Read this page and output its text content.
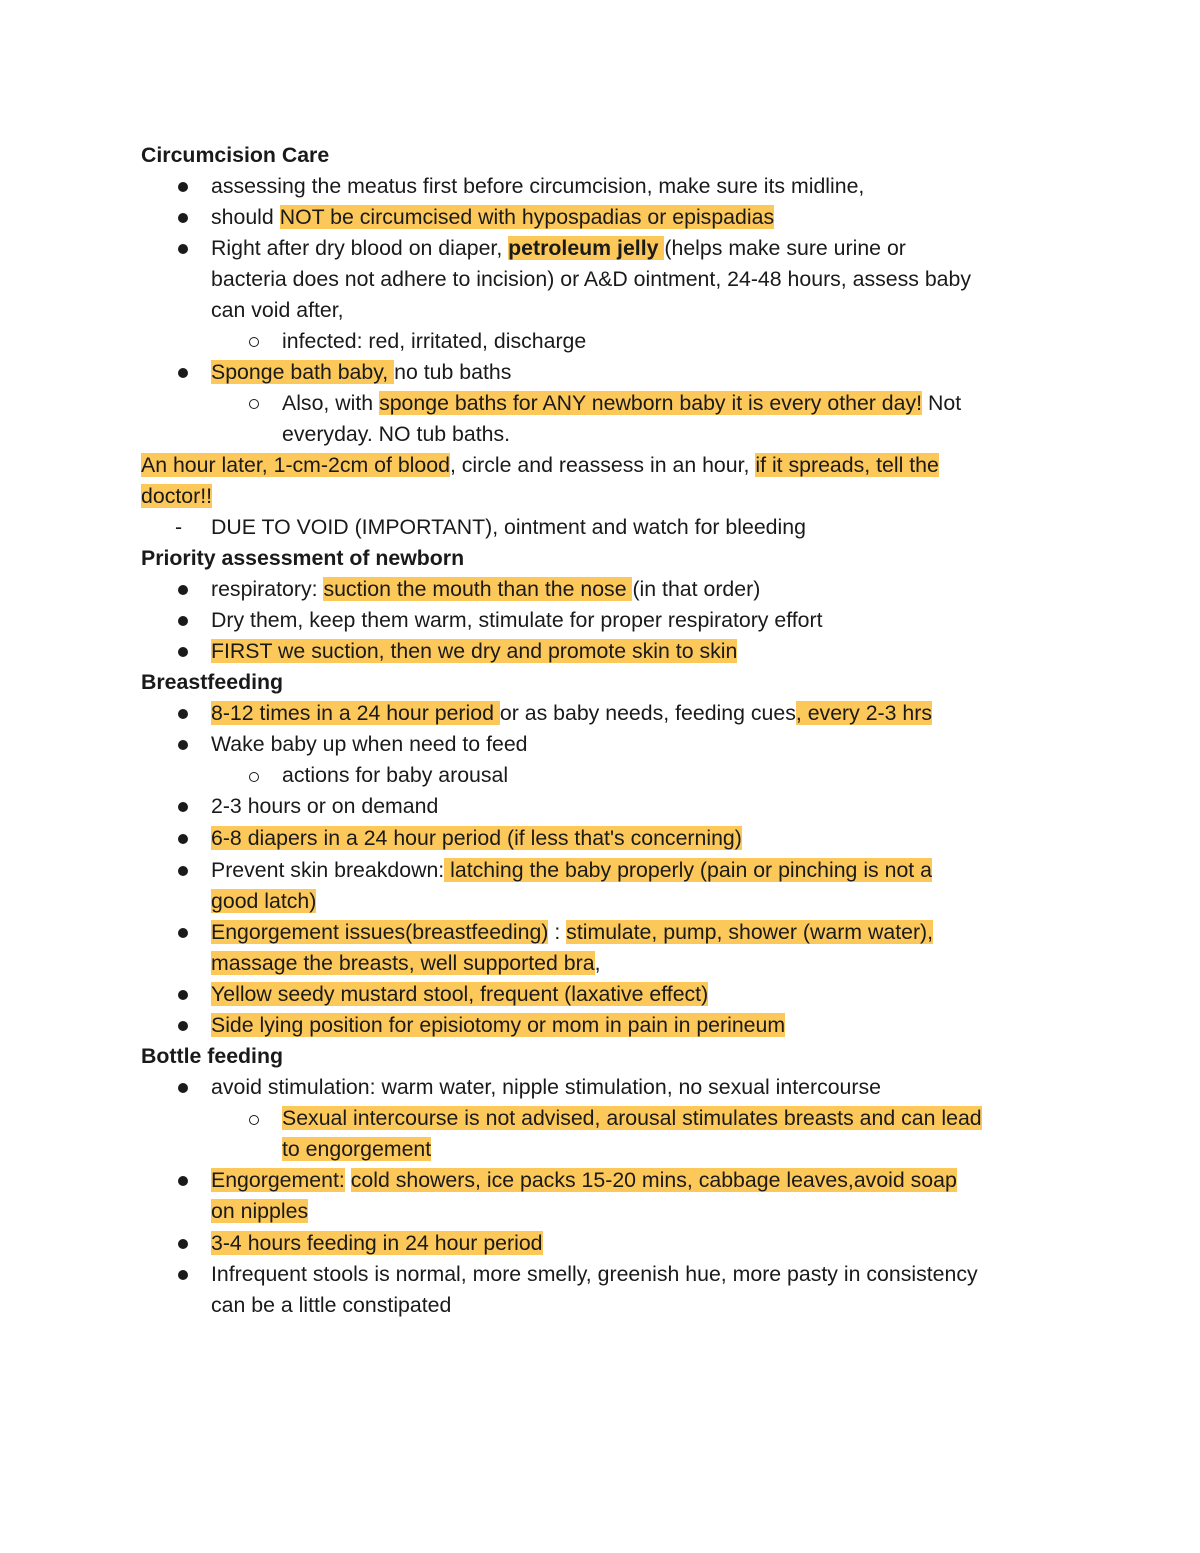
Circumcision Care
assessing the meatus first before circumcision, make sure its midline,
should NOT be circumcised with hypospadias or epispadias
Right after dry blood on diaper, petroleum jelly (helps make sure urine or
bacteria does not adhere to incision) or A&D ointment, 24-48 hours, assess baby
can void after,
infected: red, irritated, discharge
Sponge bath baby, no tub baths
Also, with sponge baths for ANY newborn baby it is every other day! Not
everyday. NO tub baths.
An hour later, 1-cm-2cm of blood, circle and reassess in an hour, if it spreads, tell the
doctor!!
- DUE TO VOID (IMPORTANT), ointment and watch for bleeding
Priority assessment of newborn
respiratory: suction the mouth than the nose (in that order)
Dry them, keep them warm, stimulate for proper respiratory effort
FIRST we suction, then we dry and promote skin to skin
Breastfeeding
8-12 times in a 24 hour period or as baby needs, feeding cues, every 2-3 hrs
Wake baby up when need to feed
actions for baby arousal
2-3 hours or on demand
6-8 diapers in a 24 hour period (if less that's concerning)
Prevent skin breakdown: latching the baby properly (pain or pinching is not a
good latch)
Engorgement issues(breastfeeding) : stimulate, pump, shower (warm water),
massage the breasts, well supported bra,
Yellow seedy mustard stool, frequent (laxative effect)
Side lying position for episiotomy or mom in pain in perineum
Bottle feeding
avoid stimulation: warm water, nipple stimulation, no sexual intercourse
Sexual intercourse is not advised, arousal stimulates breasts and can lead
to engorgement
Engorgement: cold showers, ice packs 15-20 mins, cabbage leaves,avoid soap
on nipples
3-4 hours feeding in 24 hour period
Infrequent stools is normal, more smelly, greenish hue, more pasty in consistency
can be a little constipated
